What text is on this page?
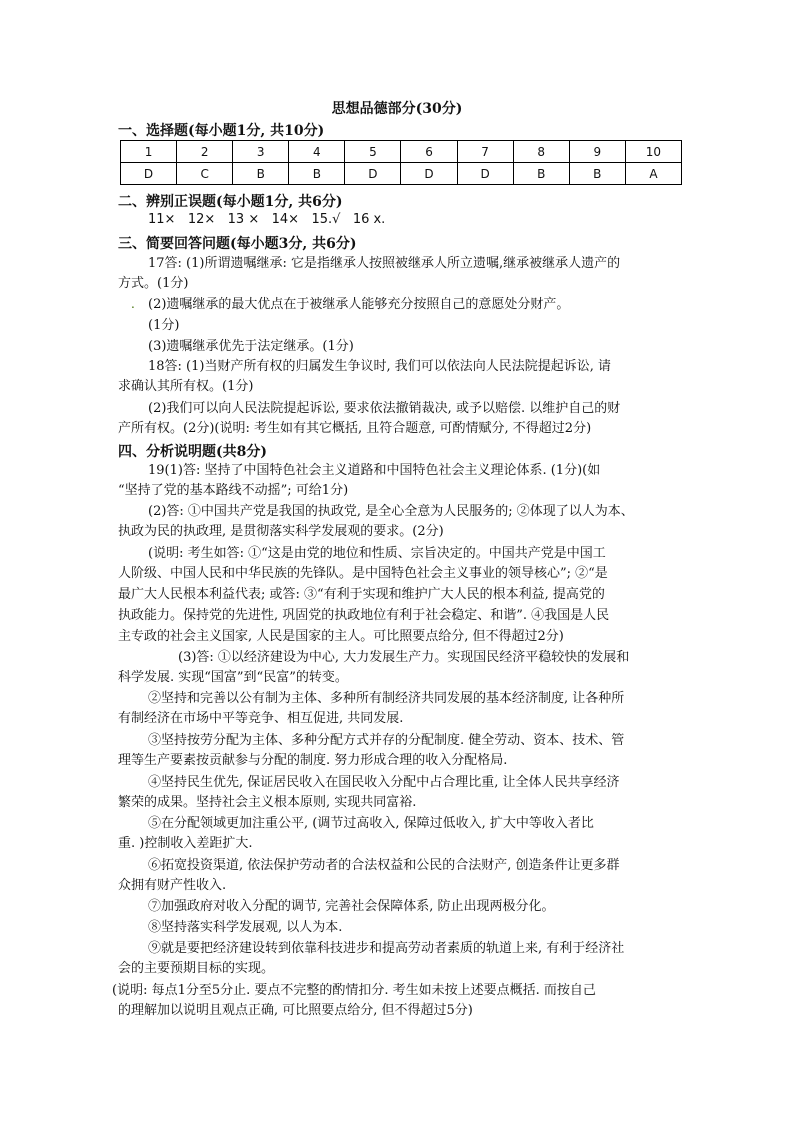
思想品德部分(30分)
一、选择题(每小题1分, 共10分)
1	2	3	4	5	6	7	8	9	10
D	C	B	B	D	D	D	B	B	A
二、辨别正误题(每小题1分, 共6分)
11×   12×   13 ×   14×   15.√   16 x.
三、简要回答问题(每小题3分, 共6分)
.
17答: (1)所谓遗嘱继承: 它是指继承人按照被继承人所立遗嘱,继承被继承人遗产的
方式。(1分)
(2)遗嘱继承的最大优点在于被继承人能够充分按照自己的意愿处分财产。
(1分)
(3)遗嘱继承优先于法定继承。(1分)
18答: (1)当财产所有权的归属发生争议时, 我们可以依法向人民法院提起诉讼, 请
求确认其所有权。(1分)
(2)我们可以向人民法院提起诉讼, 要求依法撤销裁决, 或予以赔偿. 以维护自己的财
产所有权。(2分)(说明: 考生如有其它概括, 且符合题意, 可酌情赋分, 不得超过2分)
四、分析说明题(共8分)
19(1)答: 坚持了中国特色社会主义道路和中国特色社会主义理论体系. (1分)(如
“坚持了党的基本路线不动摇”; 可给1分)
(2)答: ①中国共产党是我国的执政党, 是全心全意为人民服务的; ②体现了以人为本、
执政为民的执政理, 是贯彻落实科学发展观的要求。(2分)
(说明: 考生如答: ①“这是由党的地位和性质、宗旨决定的。中国共产党是中国工
人阶级、中国人民和中华民族的先锋队。是中国特色社会主义事业的领导核心”; ②“是
最广大人民根本利益代表; 或答: ③“有利于实现和维护广大人民的根本利益, 提高党的
执政能力。保持党的先进性, 巩固党的执政地位有利于社会稳定、和谐”. ④我国是人民
主专政的社会主义国家, 人民是国家的主人。可比照要点给分, 但不得超过2分)
(3)答: ①以经济建设为中心, 大力发展生产力。实现国民经济平稳较快的发展和
科学发展. 实现“国富”到“民富”的转变。
②坚持和完善以公有制为主体、多种所有制经济共同发展的基本经济制度, 让各种所
有制经济在市场中平等竞争、相互促进, 共同发展.
③坚持按劳分配为主体、多种分配方式并存的分配制度. 健全劳动、资本、技术、管
理等生产要素按贡献参与分配的制度. 努力形成合理的收入分配格局.
④坚持民生优先, 保证居民收入在国民收入分配中占合理比重, 让全体人民共享经济
繁荣的成果。坚持社会主义根本原则, 实现共同富裕.
⑤在分配领域更加注重公平, (调节过高收入, 保障过低收入, 扩大中等收入者比
重. )控制收入差距扩大.
⑥拓宽投资渠道, 依法保护劳动者的合法权益和公民的合法财产, 创造条件让更多群
众拥有财产性收入.
⑦加强政府对收入分配的调节, 完善社会保障体系, 防止出现两极分化。
⑧坚持落实科学发展观, 以人为本.
⑨就是要把经济建设转到依靠科技进步和提高劳动者素质的轨道上来, 有利于经济社
会的主要预期目标的实现。
(说明: 每点1分至5分止. 要点不完整的酌情扣分. 考生如未按上述要点概括. 而按自己
的理解加以说明且观点正确, 可比照要点给分, 但不得超过5分)
